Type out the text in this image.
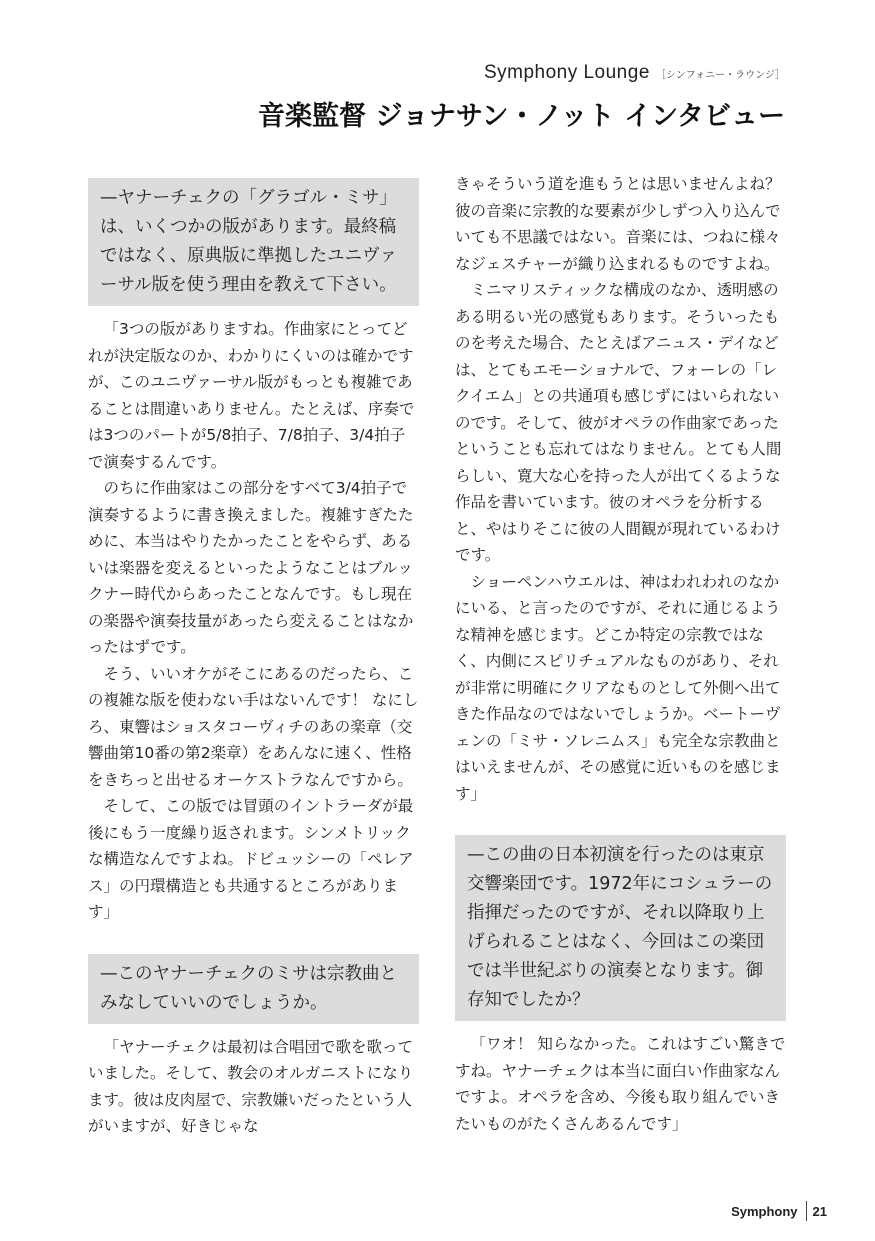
Symphony Lounge ［シンフォニー・ラウンジ］
音楽監督 ジョナサン・ノット インタビュー
—ヤナーチェクの「グラゴル・ミサ」は、いくつかの版があります。最終稿ではなく、原典版に準拠したユニヴァーサル版を使う理由を教えて下さい。

「3つの版がありますね。作曲家にとってどれが決定版なのか、わかりにくいのは確かですが、このユニヴァーサル版がもっとも複雑であることは間違いありません。たとえば、序奏では3つのパートが5/8拍子、7/8拍子、3/4拍子で演奏するんです。

のちに作曲家はこの部分をすべて3/4拍子で演奏するように書き換えました。複雑すぎたために、本当はやりたかったことをやらず、あるいは楽器を変えるといったようなことはブルックナー時代からあったことなんです。もし現在の楽器や演奏技量があったら変えることはなかったはずです。

そう、いいオケがそこにあるのだったら、この複雑な版を使わない手はないんです！ なにしろ、東響はショスタコーヴィチのあの楽章（交響曲第10番の第2楽章）をあんなに速く、性格をきちっと出せるオーケストラなんですから。

そして、この版では冒頭のイントラーダが最後にもう一度繰り返されます。シンメトリックな構造なんですよね。ドビュッシーの「ペレアス」の円環構造とも共通するところがあります」

—このヤナーチェクのミサは宗教曲とみなしていいのでしょうか。

「ヤナーチェクは最初は合唱団で歌を歌っていました。そして、教会のオルガニストになります。彼は皮肉屋で、宗教嫌いだったという人がいますが、好きじゃな

きゃそういう道を進もうとは思いませんよね？ 彼の音楽に宗教的な要素が少しずつ入り込んでいても不思議ではない。音楽には、つねに様々なジェスチャーが織り込まれるものですよね。

ミニマリスティックな構成のなか、透明感のある明るい光の感覚もあります。そういったものを考えた場合、たとえばアニュス・デイなどは、とてもエモーショナルで、フォーレの「レクイエム」との共通項も感じずにはいられないのです。そして、彼がオペラの作曲家であったということも忘れてはなりません。とても人間らしい、寛大な心を持った人が出てくるような作品を書いています。彼のオペラを分析すると、やはりそこに彼の人間観が現れているわけです。

ショーペンハウエルは、神はわれわれのなかにいる、と言ったのですが、それに通じるような精神を感じます。どこか特定の宗教ではなく、内側にスピリチュアルなものがあり、それが非常に明確にクリアなものとして外側へ出てきた作品なのではないでしょうか。ベートーヴェンの「ミサ・ソレニムス」も完全な宗教曲とはいえませんが、その感覚に近いものを感じます」

—この曲の日本初演を行ったのは東京交響楽団です。1972年にコシュラーの指揮だったのですが、それ以降取り上げられることはなく、今回はこの楽団では半世紀ぶりの演奏となります。御存知でしたか？

「ワオ！ 知らなかった。これはすごい驚きですね。ヤナーチェクは本当に面白い作曲家なんですよ。オペラを含め、今後も取り組んでいきたいものがたくさんあるんです」

Symphony 21
